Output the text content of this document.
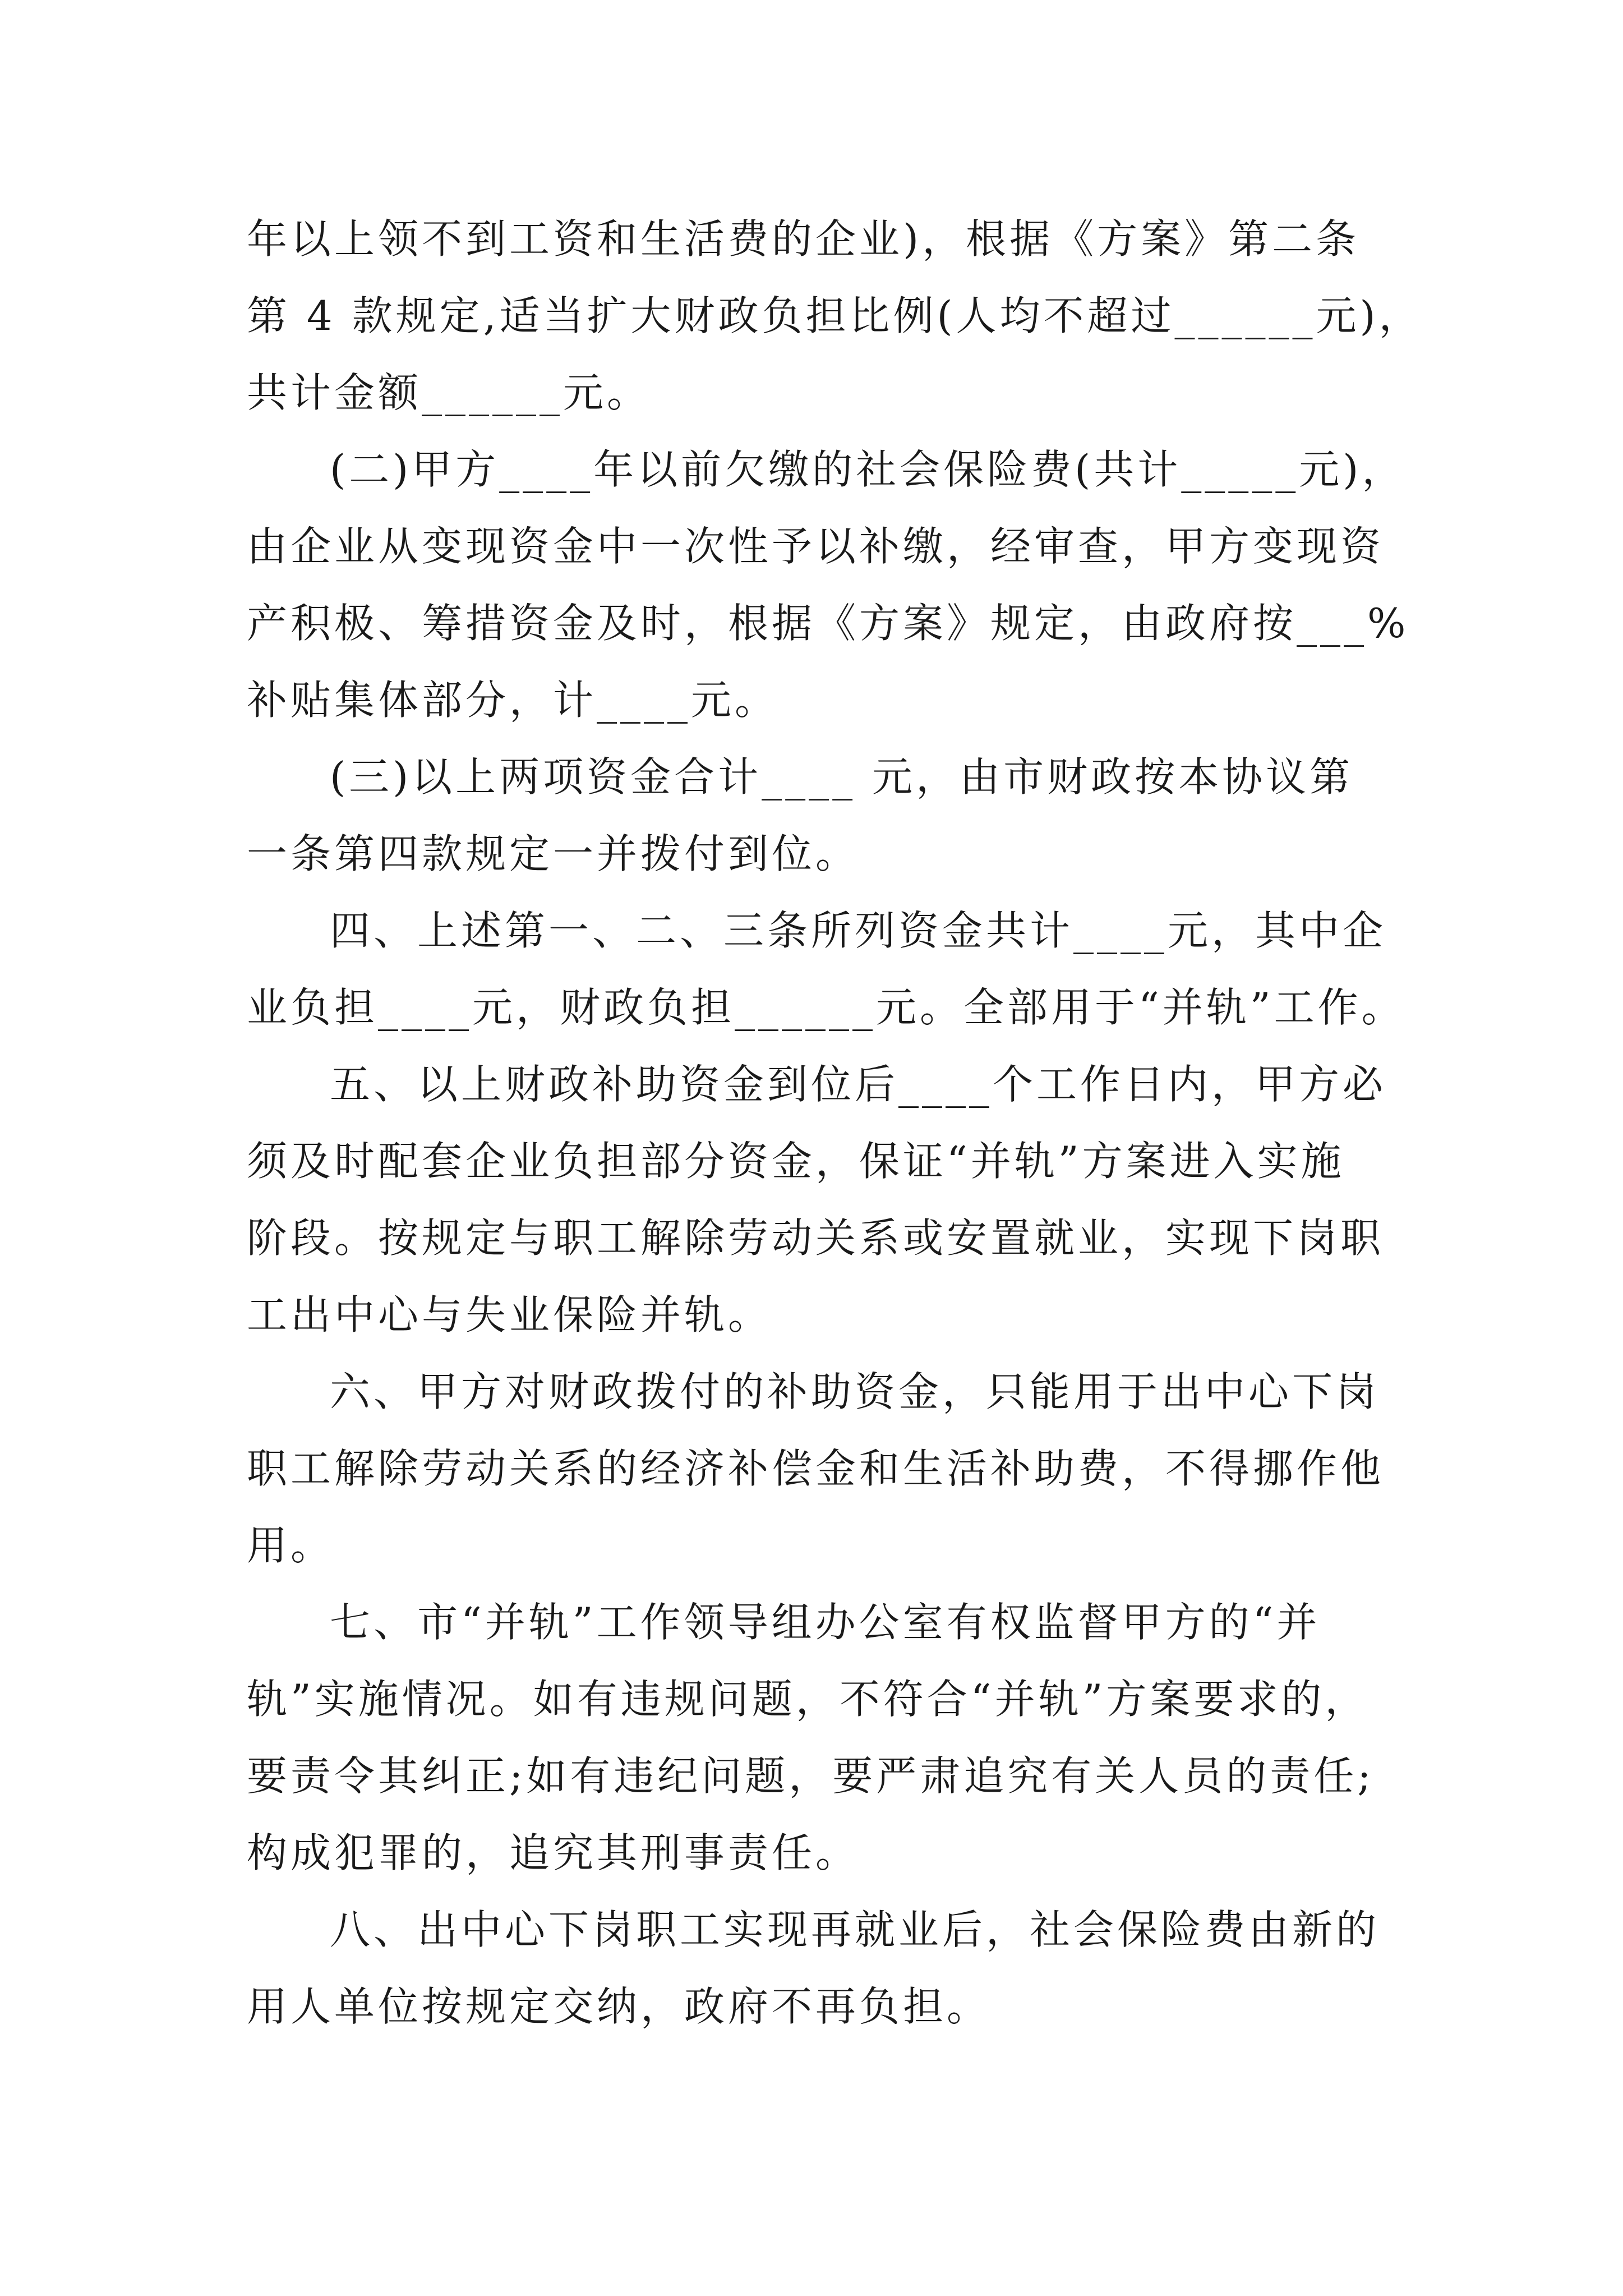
年以上领不到工资和生活费的企业)，根据《方案》第二条
第 4 款规定,适当扩大财政负担比例(人均不超过______元)，
共计金额______元。
(二)甲方____年以前欠缴的社会保险费(共计_____元)，
由企业从变现资金中一次性予以补缴，经审查，甲方变现资
产积极、筹措资金及时，根据《方案》规定，由政府按___%
补贴集体部分，计____元。
(三)以上两项资金合计____ 元，由市财政按本协议第
一条第四款规定一并拨付到位。
四、上述第一、二、三条所列资金共计____元，其中企
业负担____元，财政负担______元。全部用于“并轨”工作。
五、以上财政补助资金到位后____个工作日内，甲方必
须及时配套企业负担部分资金，保证“并轨”方案进入实施
阶段。按规定与职工解除劳动关系或安置就业，实现下岗职
工出中心与失业保险并轨。
六、甲方对财政拨付的补助资金，只能用于出中心下岗
职工解除劳动关系的经济补偿金和生活补助费，不得挪作他
用。
七、市“并轨”工作领导组办公室有权监督甲方的“并
轨”实施情况。如有违规问题，不符合“并轨”方案要求的，
要责令其纠正;如有违纪问题，要严肃追究有关人员的责任;
构成犯罪的，追究其刑事责任。
八、出中心下岗职工实现再就业后，社会保险费由新的
用人单位按规定交纳，政府不再负担。
